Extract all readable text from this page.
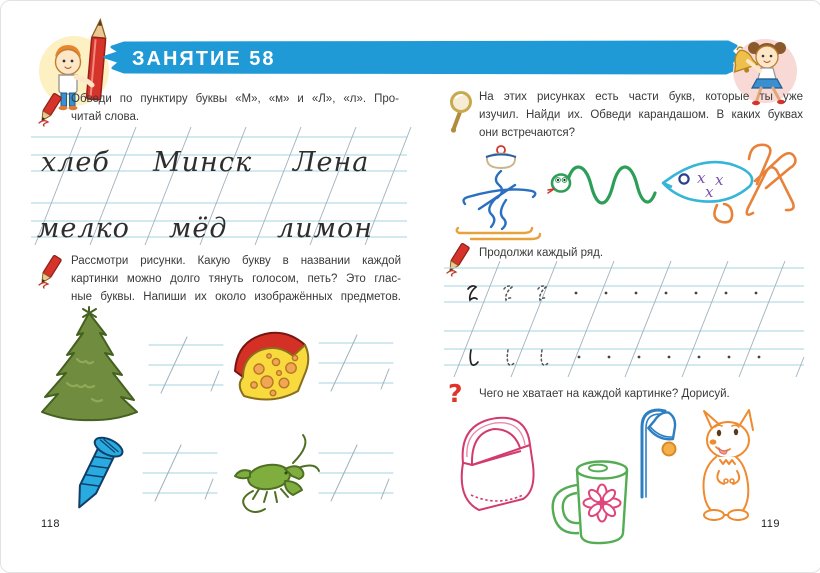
ЗАНЯТИЕ 58
Обведи по пунктиру буквы «М», «м» и «Л», «л». Про-
читай слова.
хлеб Минск Лена
мелко мёд лимон
Рассмотри рисунки. Какую букву в названии каждой
картинки можно долго тянуть голосом, петь? Это глас-
ные буквы. Напиши их около изображённых предметов.
118
На этих рисунках есть части букв, которые ты уже
изучил. Найди их. Обведи карандашом. В каких буквах
они встречаются?
х х
х
Продолжи каждый ряд.
? Чего не хватает на каждой картинке? Дорисуй.
119
